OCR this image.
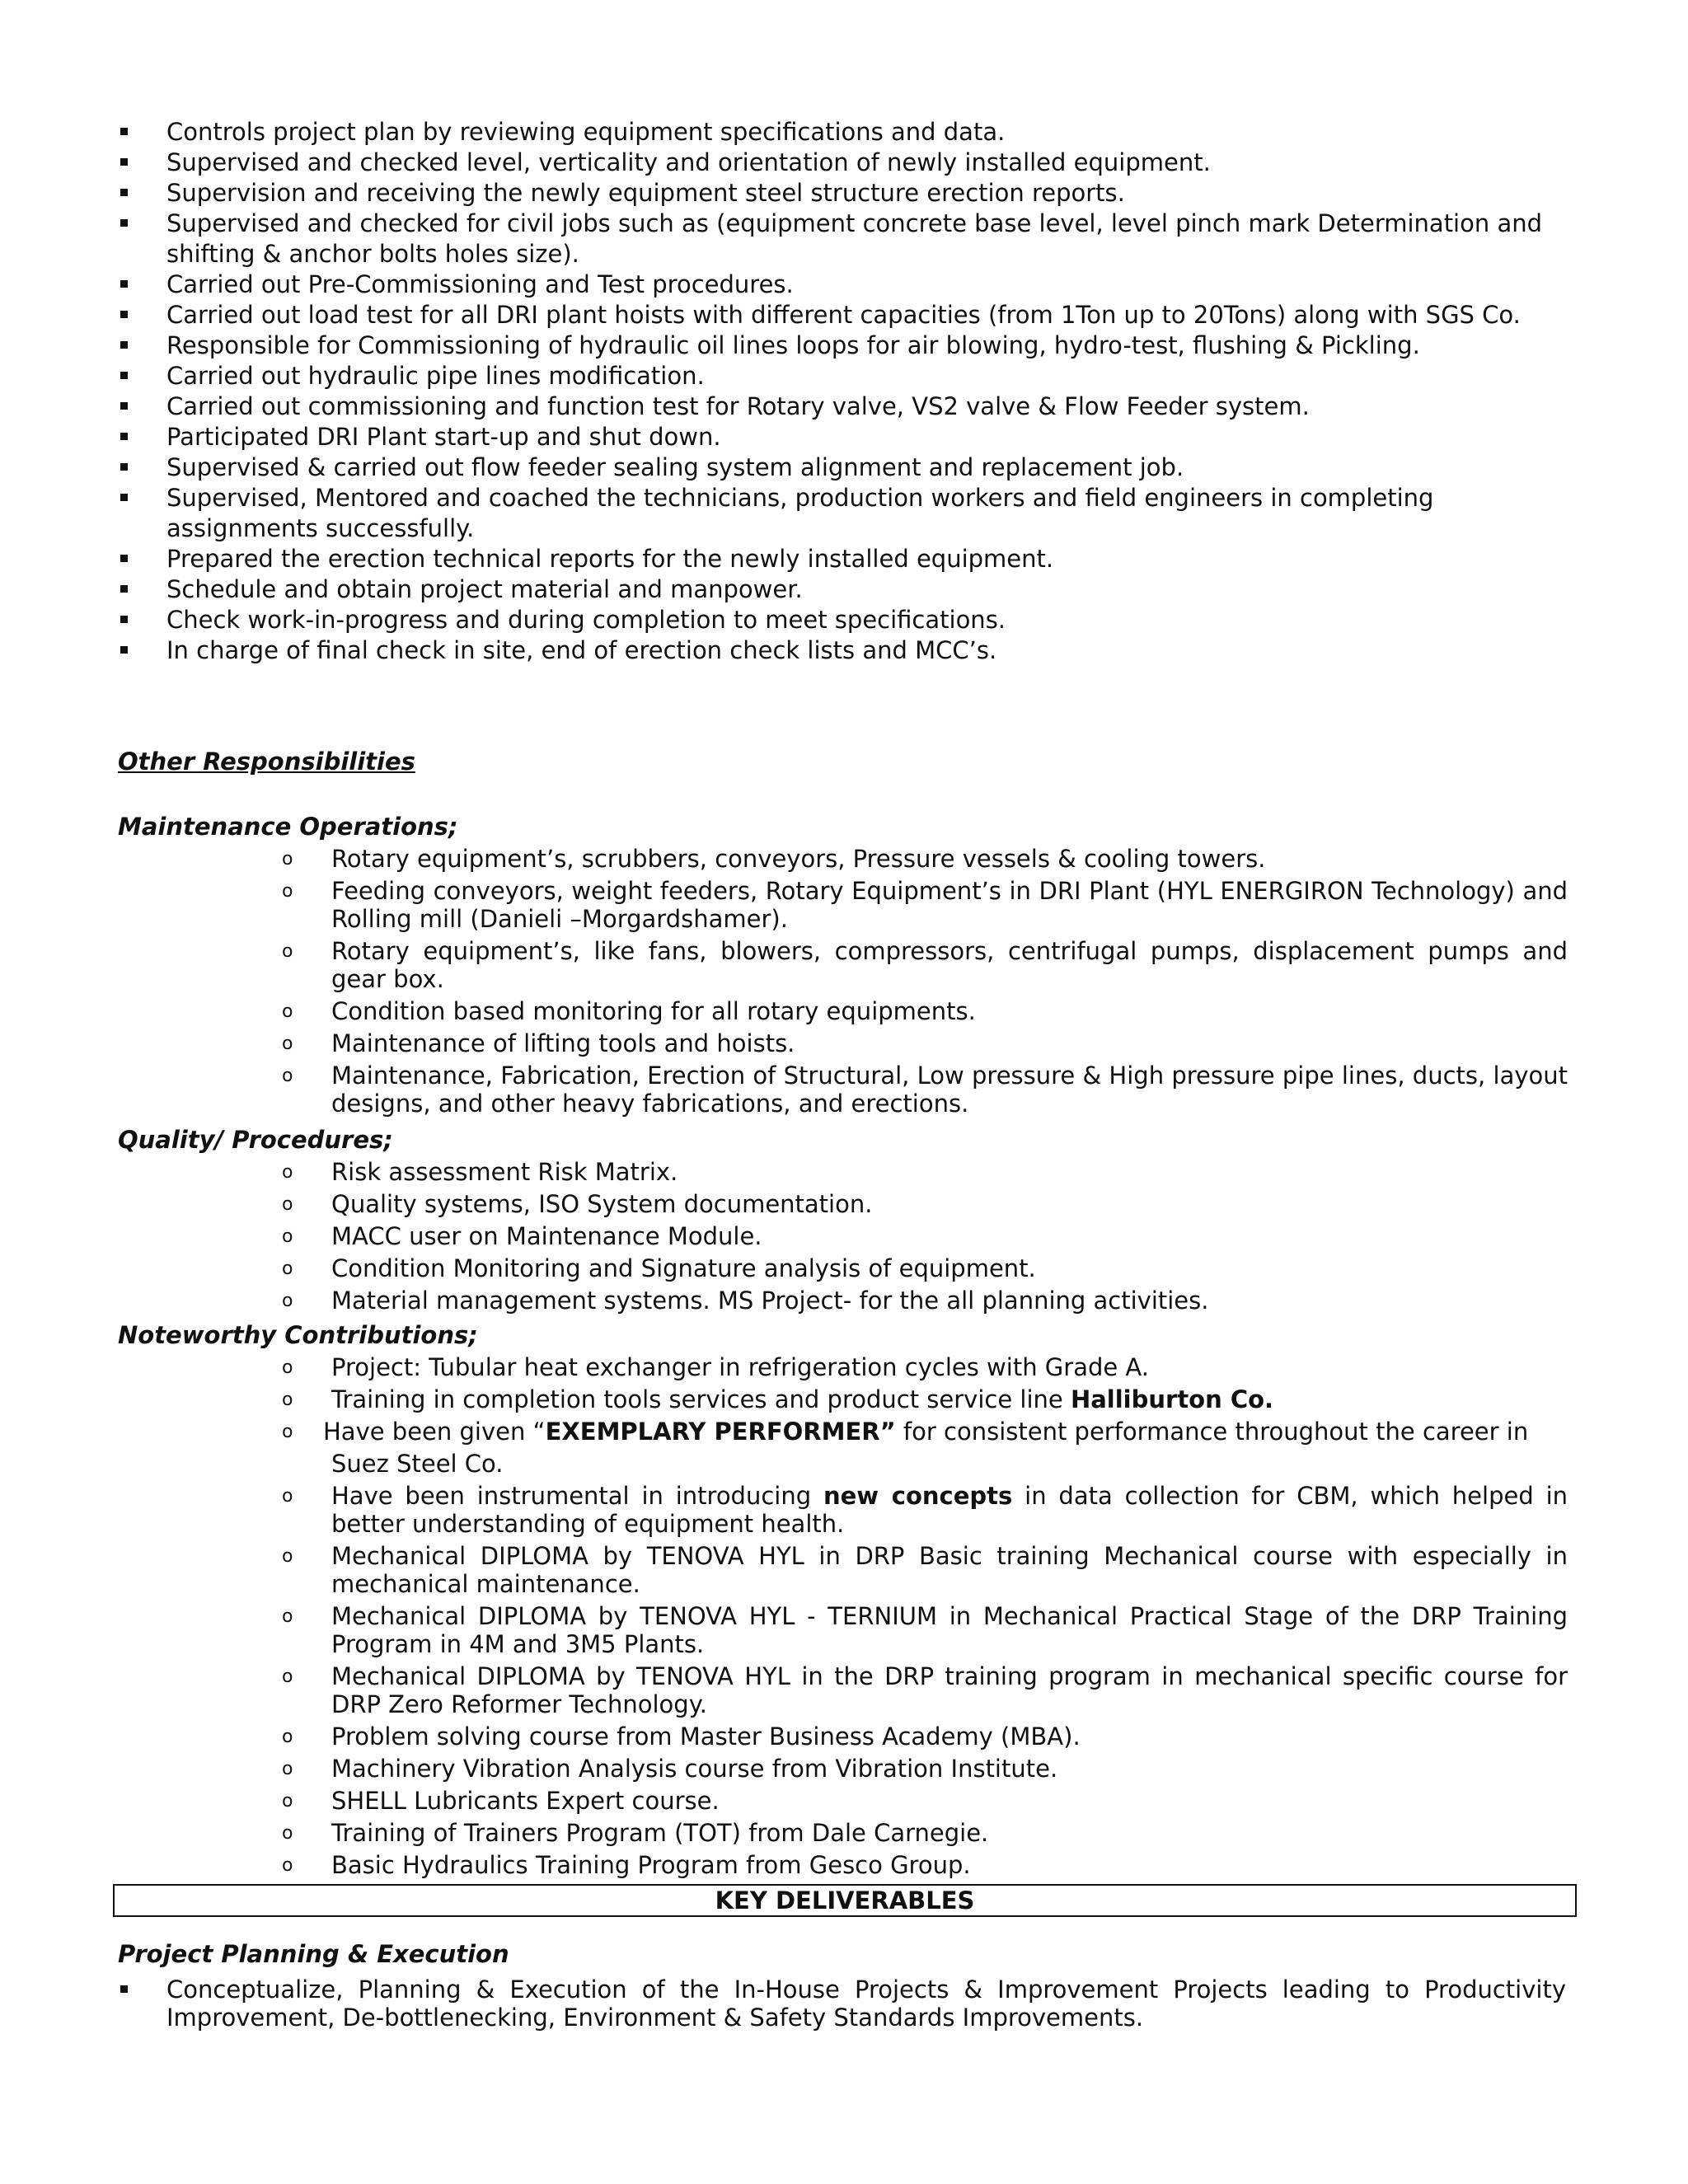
Controls project plan by reviewing equipment specifications and data.
Supervised and checked level, verticality and orientation of newly installed equipment.
Supervision and receiving the newly equipment steel structure erection reports.
Supervised and checked for civil jobs such as (equipment concrete base level, level pinch mark Determination and shifting & anchor bolts holes size).
Carried out Pre-Commissioning and Test procedures.
Carried out load test for all DRI plant hoists with different capacities (from 1Ton up to 20Tons) along with SGS Co.
Responsible for Commissioning of hydraulic oil lines loops for air blowing, hydro-test, flushing & Pickling.
Carried out hydraulic pipe lines modification.
Carried out commissioning and function test for Rotary valve, VS2 valve & Flow Feeder system.
Participated DRI Plant start-up and shut down.
Supervised & carried out flow feeder sealing system alignment and replacement job.
Supervised, Mentored and coached the technicians, production workers and field engineers in completing assignments successfully.
Prepared the erection technical reports for the newly installed equipment.
Schedule and obtain project material and manpower.
Check work-in-progress and during completion to meet specifications.
In charge of final check in site, end of erection check lists and MCC’s.
Other Responsibilities
Maintenance Operations;
o Rotary equipment’s, scrubbers, conveyors, Pressure vessels & cooling towers.
o Feeding conveyors, weight feeders, Rotary Equipment’s in DRI Plant (HYL ENERGIRON Technology) and Rolling mill (Danieli –Morgardshamer).
o Rotary equipment’s, like fans, blowers, compressors, centrifugal pumps, displacement pumps and gear box.
o Condition based monitoring for all rotary equipments.
o Maintenance of lifting tools and hoists.
o Maintenance, Fabrication, Erection of Structural, Low pressure & High pressure pipe lines, ducts, layout designs, and other heavy fabrications, and erections.
Quality/ Procedures;
o Risk assessment Risk Matrix.
o Quality systems, ISO System documentation.
o MACC user on Maintenance Module.
o Condition Monitoring and Signature analysis of equipment.
o Material management systems. MS Project- for the all planning activities.
Noteworthy Contributions;
o Project: Tubular heat exchanger in refrigeration cycles with Grade A.
o Training in completion tools services and product service line Halliburton Co.
o Have been given “EXEMPLARY PERFORMER” for consistent performance throughout the career in
Suez Steel Co.
o Have been instrumental in introducing new concepts in data collection for CBM, which helped in better understanding of equipment health.
o Mechanical DIPLOMA by TENOVA HYL in DRP Basic training Mechanical course with especially in mechanical maintenance.
o Mechanical DIPLOMA by TENOVA HYL - TERNIUM in Mechanical Practical Stage of the DRP Training Program in 4M and 3M5 Plants.
o Mechanical DIPLOMA by TENOVA HYL in the DRP training program in mechanical specific course for DRP Zero Reformer Technology.
o Problem solving course from Master Business Academy (MBA).
o Machinery Vibration Analysis course from Vibration Institute.
o SHELL Lubricants Expert course.
o Training of Trainers Program (TOT) from Dale Carnegie.
o Basic Hydraulics Training Program from Gesco Group.
KEY DELIVERABLES
Project Planning & Execution
Conceptualize, Planning & Execution of the In-House Projects & Improvement Projects leading to Productivity Improvement, De-bottlenecking, Environment & Safety Standards Improvements.
